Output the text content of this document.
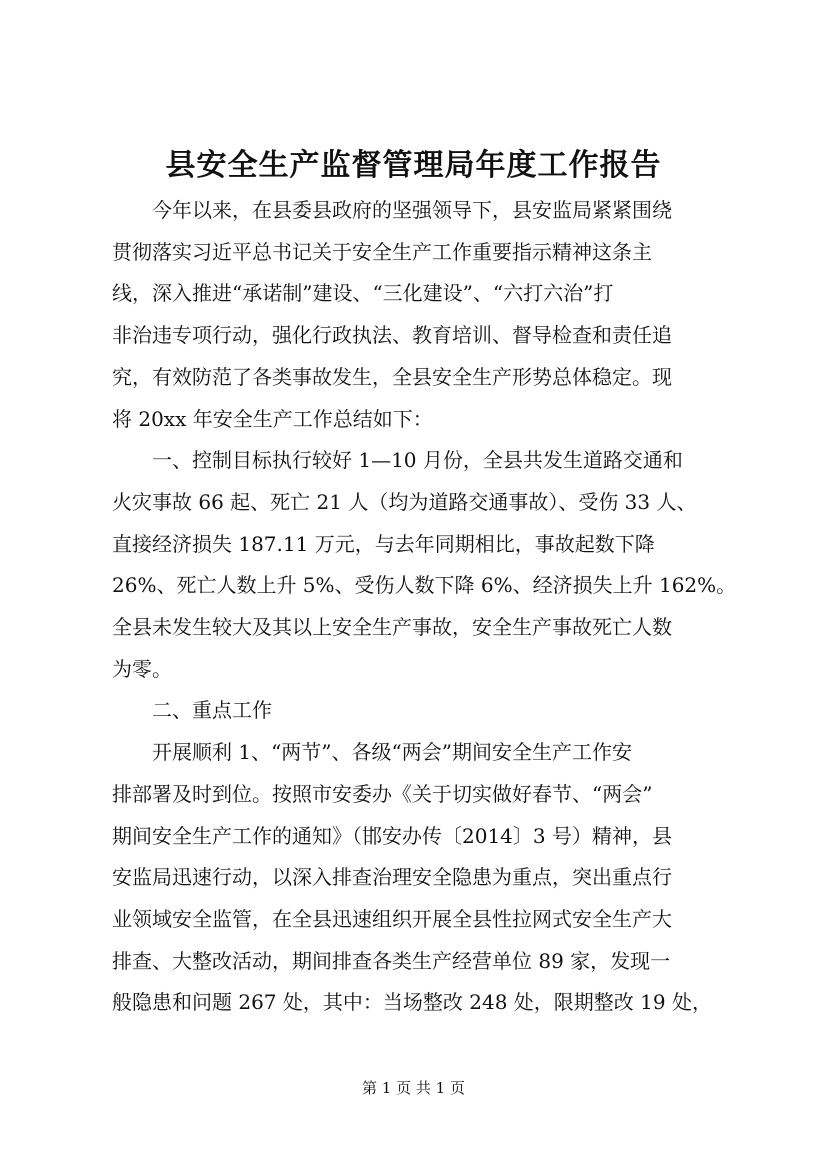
县安全生产监督管理局年度工作报告
今年以来，在县委县政府的坚强领导下，县安监局紧紧围绕
贯彻落实习近平总书记关于安全生产工作重要指示精神这条主
线，深入推进“承诺制”建设、“三化建设”、“六打六治”打
非治违专项行动，强化行政执法、教育培训、督导检查和责任追
究，有效防范了各类事故发生，全县安全生产形势总体稳定。现
将 20xx 年安全生产工作总结如下：
一、控制目标执行较好 1—10 月份，全县共发生道路交通和
火灾事故 66 起、死亡 21 人（均为道路交通事故）、受伤 33 人、
直接经济损失 187.11 万元，与去年同期相比，事故起数下降
26%、死亡人数上升 5%、受伤人数下降 6%、经济损失上升 162%。
全县未发生较大及其以上安全生产事故，安全生产事故死亡人数
为零。
二、重点工作
开展顺利 1、“两节”、各级“两会”期间安全生产工作安
排部署及时到位。按照市安委办《关于切实做好春节、“两会”
期间安全生产工作的通知》（邯安办传〔2014〕3 号）精神，县
安监局迅速行动，以深入排查治理安全隐患为重点，突出重点行
业领域安全监管，在全县迅速组织开展全县性拉网式安全生产大
排查、大整改活动，期间排查各类生产经营单位 89 家，发现一
般隐患和问题 267 处，其中：当场整改 248 处，限期整改 19 处，
第 1 页 共 1 页
